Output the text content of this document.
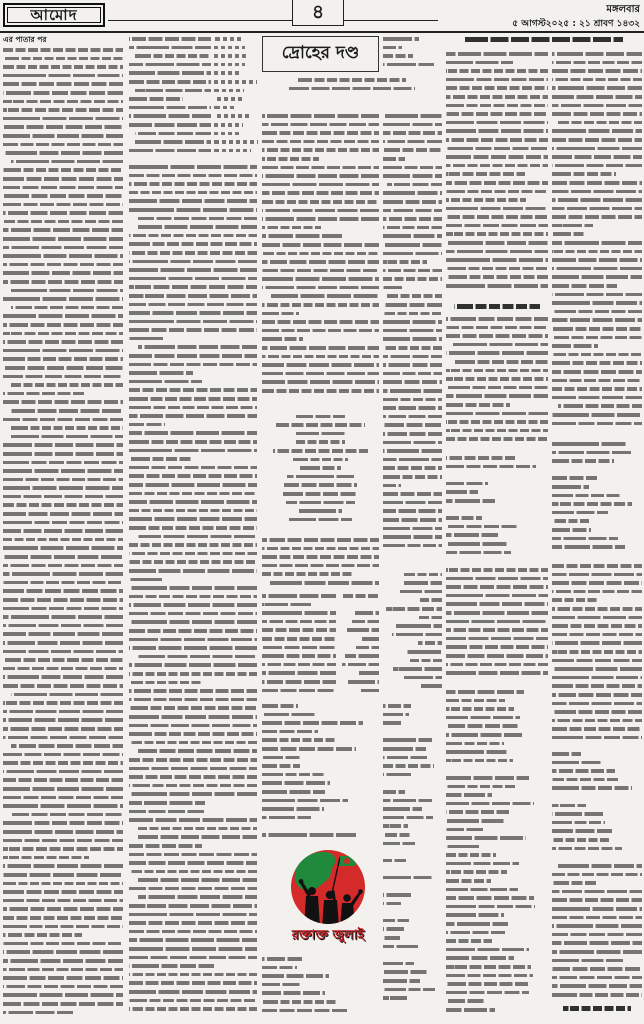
আমোদ	৪	মঙ্গলবার
৫ আগস্ট২০২৫ : ২১ শ্রাবণ ১৪৩২
এর পাতার পর
দ্রোহের দণ্ড
রক্তাক্ত জুলাই
